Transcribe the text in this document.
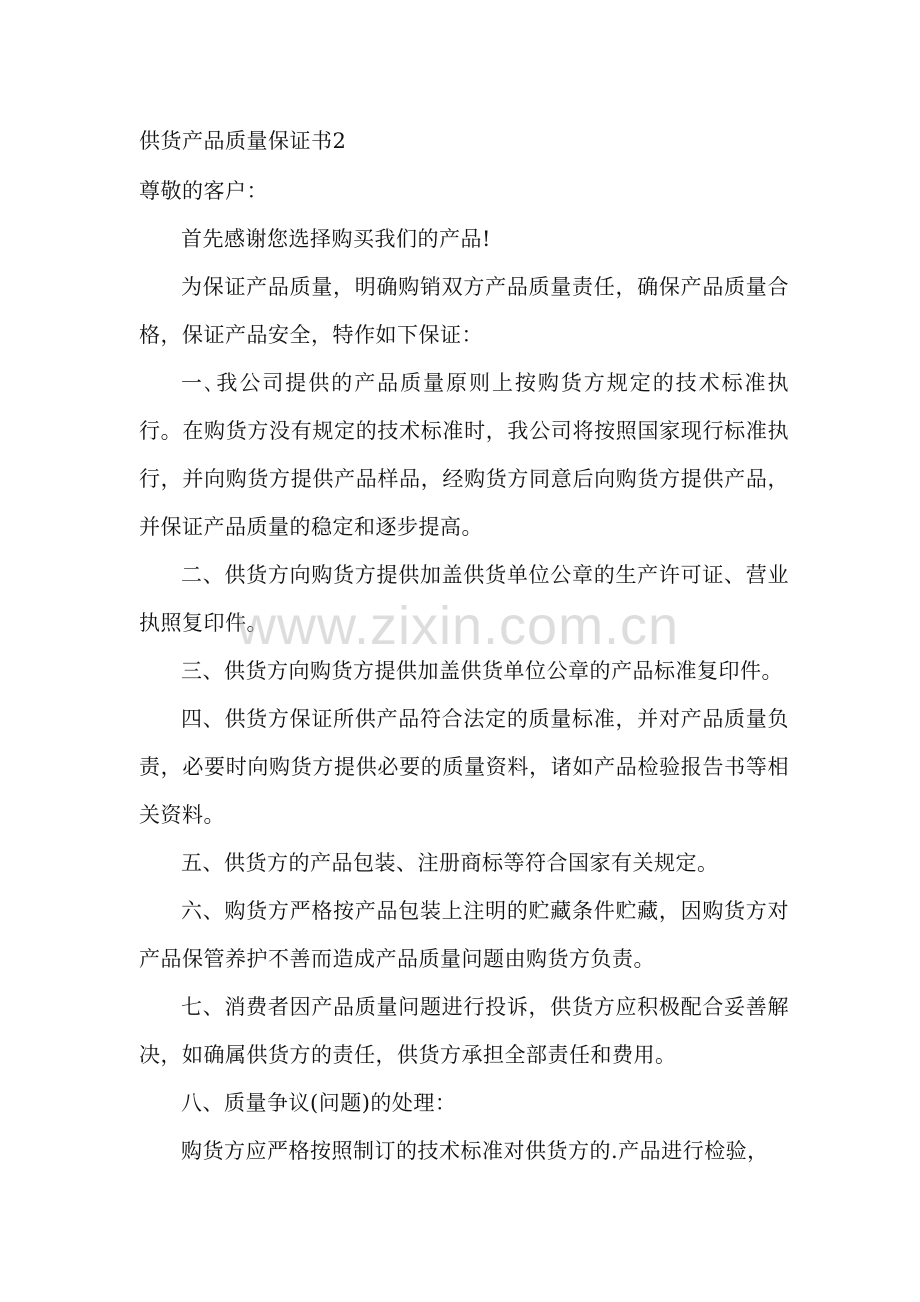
供货产品质量保证书2

尊敬的客户：

首先感谢您选择购买我们的产品!

为保证产品质量，明确购销双方产品质量责任，确保产品质量合格，保证产品安全，特作如下保证：

一､我公司提供的产品质量原则上按购货方规定的技术标准执行。在购货方没有规定的技术标准时，我公司将按照国家现行标准执行，并向购货方提供产品样品，经购货方同意后向购货方提供产品，并保证产品质量的稳定和逐步提高。

二、供货方向购货方提供加盖供货单位公章的生产许可证、营业执照复印件。

三、供货方向购货方提供加盖供货单位公章的产品标准复印件。

四、供货方保证所供产品符合法定的质量标准，并对产品质量负责，必要时向购货方提供必要的质量资料，诸如产品检验报告书等相关资料。

五、供货方的产品包装、注册商标等符合国家有关规定。

六、购货方严格按产品包装上注明的贮藏条件贮藏，因购货方对产品保管养护不善而造成产品质量问题由购货方负责。

七、消费者因产品质量问题进行投诉，供货方应积极配合妥善解决，如确属供货方的责任，供货方承担全部责任和费用。

八、质量争议(问题)的处理：

购货方应严格按照制订的技术标准对供货方的.产品进行检验，

www.zixin.com.cn
